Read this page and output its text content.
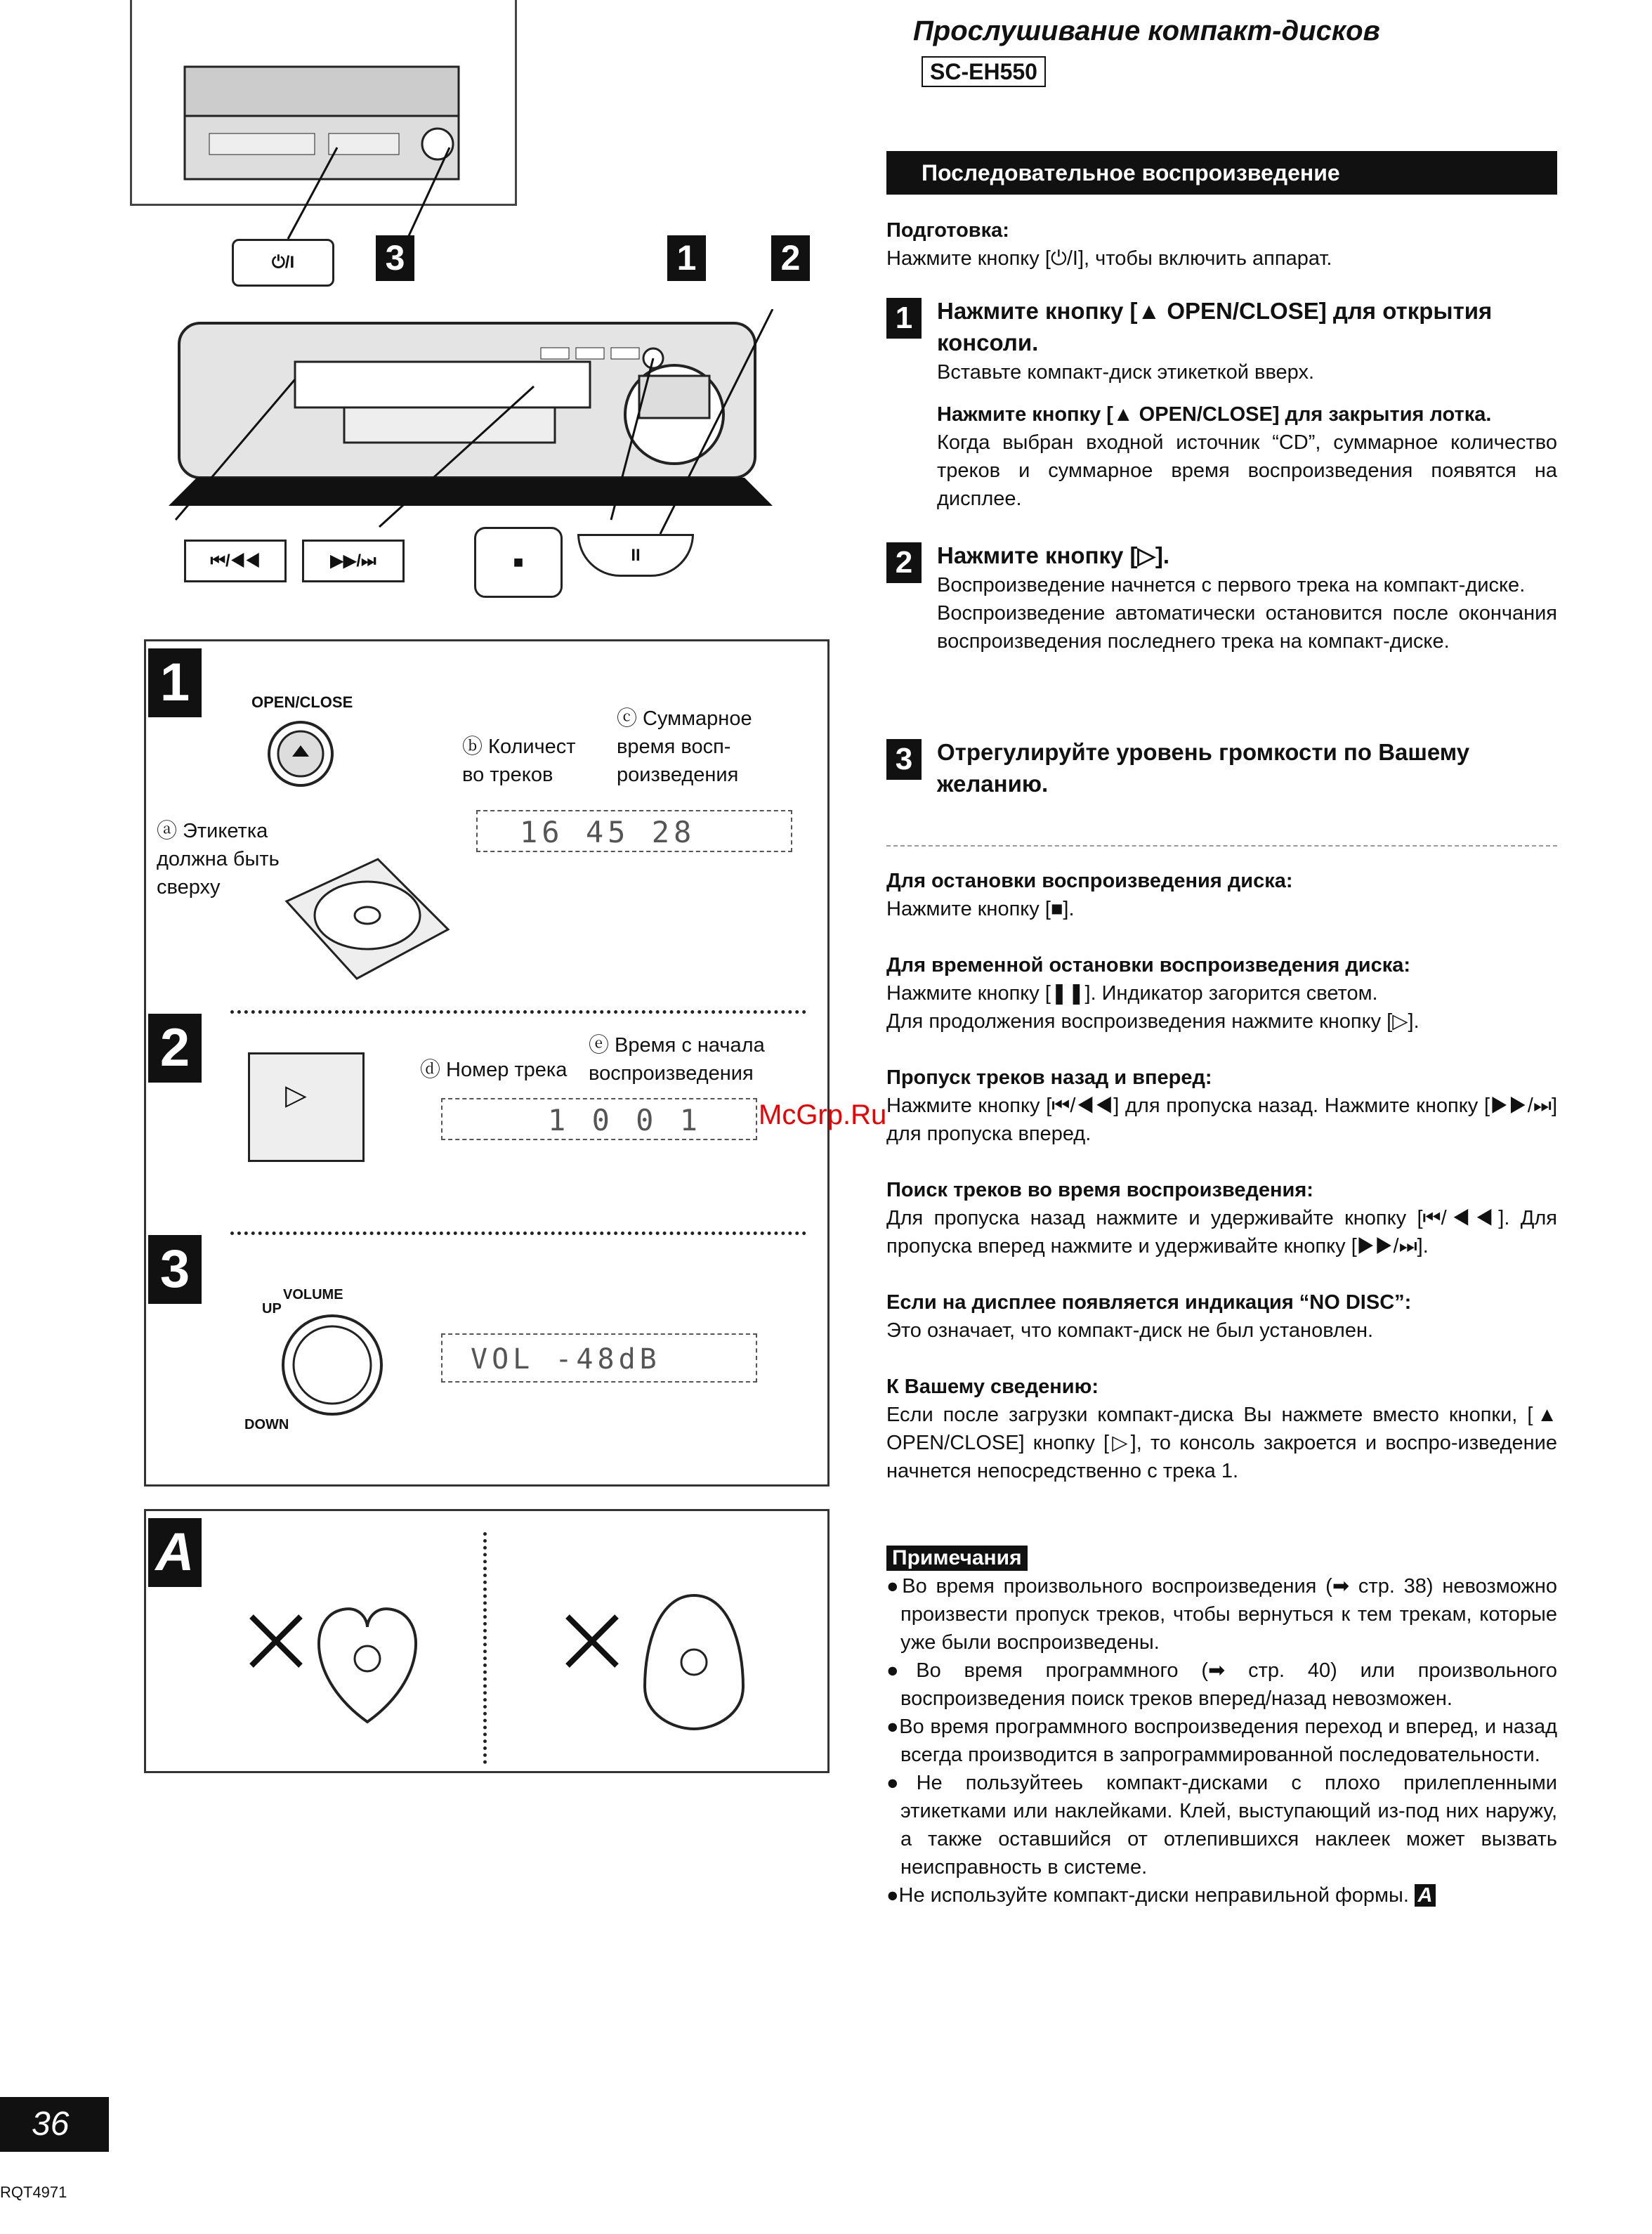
⏻/I	3	1 2
⏮/◀◀	▶▶/⏭	■	II
1	OPEN/CLOSE
ⓐ Этикетка должна быть сверху
ⓑ Количест во треков
ⓒ Суммарное время восп-роизведения
16 45 28
2
▷
ⓓ Номер трека
ⓔ Время с начала воспроизведения
1 0 0 1
3	VOLUME
UP
DOWN
VOL -48dB
A
McGrp.Ru
Прослушивание компакт-дисков
SC-EH550
Последовательное воспроизведение
Подготовка:
Нажмите кнопку [⏻/I], чтобы включить аппарат.
1	Нажмите кнопку [▲ OPEN/CLOSE] для открытия консоли.
Вставьте компакт-диск этикеткой вверх.
Нажмите кнопку [▲ OPEN/CLOSE] для закрытия лотка.
Когда выбран входной источник “CD”, суммарное количество треков и суммарное время воспроизведения появятся на дисплее.
2	Нажмите кнопку [▷].
Воспроизведение начнется с первого трека на компакт-диске.
Воспроизведение автоматически остановится после окончания воспроизведения последнего трека на компакт-диске.
3	Отрегулируйте уровень громкости по Вашему желанию.
Для остановки воспроизведения диска:
Нажмите кнопку [■].
Для временной остановки воспроизведения диска:
Нажмите кнопку [❚❚]. Индикатор загорится светом.
Для продолжения воспроизведения нажмите кнопку [▷].
Пропуск треков назад и вперед:
Нажмите кнопку [⏮/◀◀] для пропуска назад. Нажмите кнопку [▶▶/⏭] для пропуска вперед.
Поиск треков во время воспроизведения:
Для пропуска назад нажмите и удерживайте кнопку [⏮/◀◀]. Для пропуска вперед нажмите и удерживайте кнопку [▶▶/⏭].
Если на дисплее появляется индикация “NO DISC”:
Это означает, что компакт-диск не был установлен.
К Вашему сведению:
Если после загрузки компакт-диска Вы нажмете вместо кнопки, [▲ OPEN/CLOSE] кнопку [▷], то консоль закроется и воспро-изведение начнется непосредственно с трека 1.
Примечания
●Во время произвольного воспроизведения (➡ стр. 38) невозможно произвести пропуск треков, чтобы вернуться к тем трекам, которые уже были воспроизведены.
●Во время программного (➡ стр. 40) или произвольного воспроизведения поиск треков вперед/назад невозможен.
●Во время программного воспроизведения переход и вперед, и назад всегда производится в запрограммированной последовательности.
●Не пользуйтееь компакт-дисками с плохо прилепленными этикетками или наклейками. Клей, выступающий из-под них наружу, а также оставшийся от отлепившихся наклеек может вызвать неисправность в системе.
●Не используйте компакт-диски неправильной формы. A
36
RQT4971
